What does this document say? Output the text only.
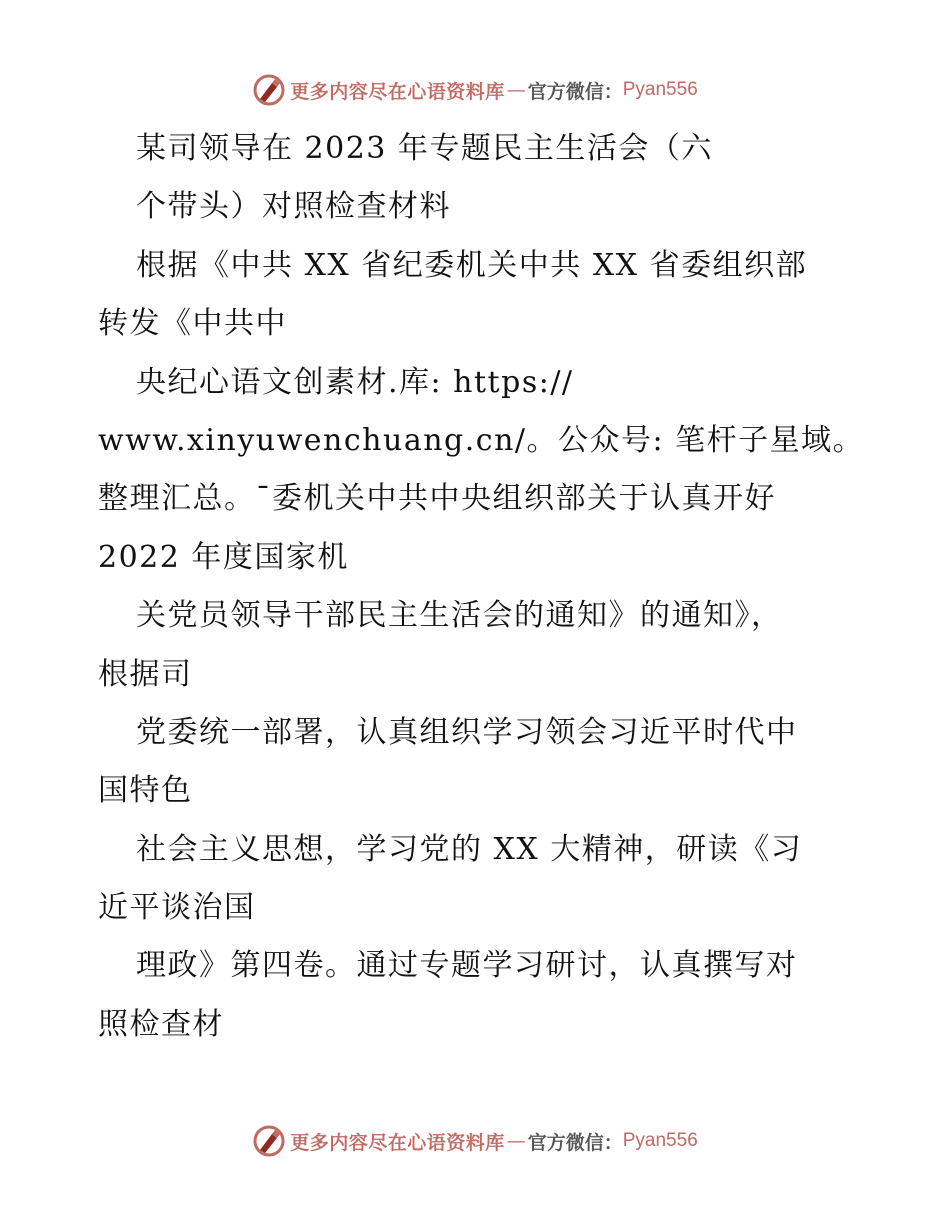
更多内容尽在心语资料库 — 官方微信： Pyan556
某司领导在 2023 年专题民主生活会（六
个带头）对照检查材料
根据《中共 XX 省纪委机关中共 XX 省委组织部
转发《中共中
央纪心语文创素材.库: https://
www.xinyuwenchuang.cn/。公众号: 笔杆子星域。
整理汇总。¯委机关中共中央组织部关于认真开好
2022 年度国家机
关党员领导干部民主生活会的通知》的通知》，
根据司
党委统一部署，认真组织学习领会习近平时代中
国特色
社会主义思想，学习党的 XX 大精神，研读《习
近平谈治国
理政》第四卷。通过专题学习研讨，认真撰写对
照检查材
更多内容尽在心语资料库 — 官方微信： Pyan556
